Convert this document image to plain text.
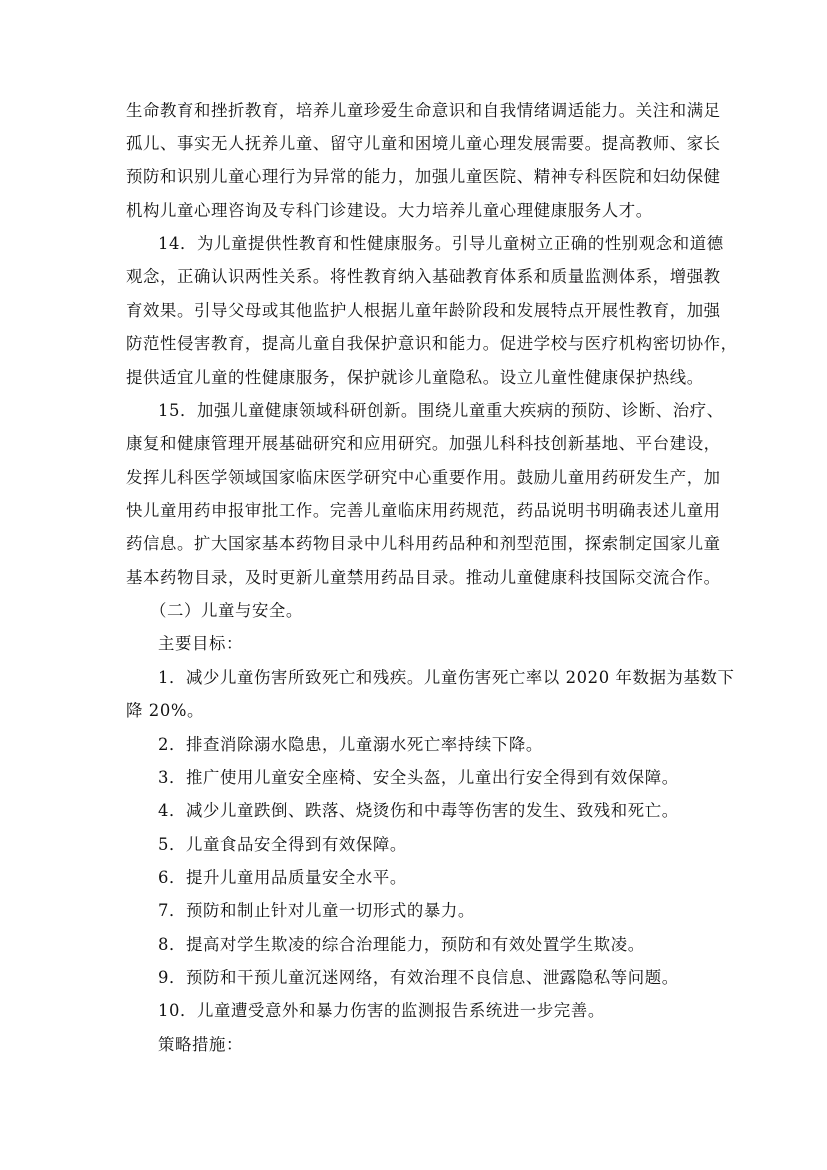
生命教育和挫折教育，培养儿童珍爱生命意识和自我情绪调适能力。关注和满足
孤儿、事实无人抚养儿童、留守儿童和困境儿童心理发展需要。提高教师、家长
预防和识别儿童心理行为异常的能力，加强儿童医院、精神专科医院和妇幼保健
机构儿童心理咨询及专科门诊建设。大力培养儿童心理健康服务人才。
14．为儿童提供性教育和性健康服务。引导儿童树立正确的性别观念和道德
观念，正确认识两性关系。将性教育纳入基础教育体系和质量监测体系，增强教
育效果。引导父母或其他监护人根据儿童年龄阶段和发展特点开展性教育，加强
防范性侵害教育，提高儿童自我保护意识和能力。促进学校与医疗机构密切协作，
提供适宜儿童的性健康服务，保护就诊儿童隐私。设立儿童性健康保护热线。
15．加强儿童健康领域科研创新。围绕儿童重大疾病的预防、诊断、治疗、
康复和健康管理开展基础研究和应用研究。加强儿科科技创新基地、平台建设，
发挥儿科医学领域国家临床医学研究中心重要作用。鼓励儿童用药研发生产，加
快儿童用药申报审批工作。完善儿童临床用药规范，药品说明书明确表述儿童用
药信息。扩大国家基本药物目录中儿科用药品种和剂型范围，探索制定国家儿童
基本药物目录，及时更新儿童禁用药品目录。推动儿童健康科技国际交流合作。
（二）儿童与安全。
主要目标：
1．减少儿童伤害所致死亡和残疾。儿童伤害死亡率以 2020 年数据为基数下
降 20%。
2．排查消除溺水隐患，儿童溺水死亡率持续下降。
3．推广使用儿童安全座椅、安全头盔，儿童出行安全得到有效保障。
4．减少儿童跌倒、跌落、烧烫伤和中毒等伤害的发生、致残和死亡。
5．儿童食品安全得到有效保障。
6．提升儿童用品质量安全水平。
7．预防和制止针对儿童一切形式的暴力。
8．提高对学生欺凌的综合治理能力，预防和有效处置学生欺凌。
9．预防和干预儿童沉迷网络，有效治理不良信息、泄露隐私等问题。
10．儿童遭受意外和暴力伤害的监测报告系统进一步完善。
策略措施：
